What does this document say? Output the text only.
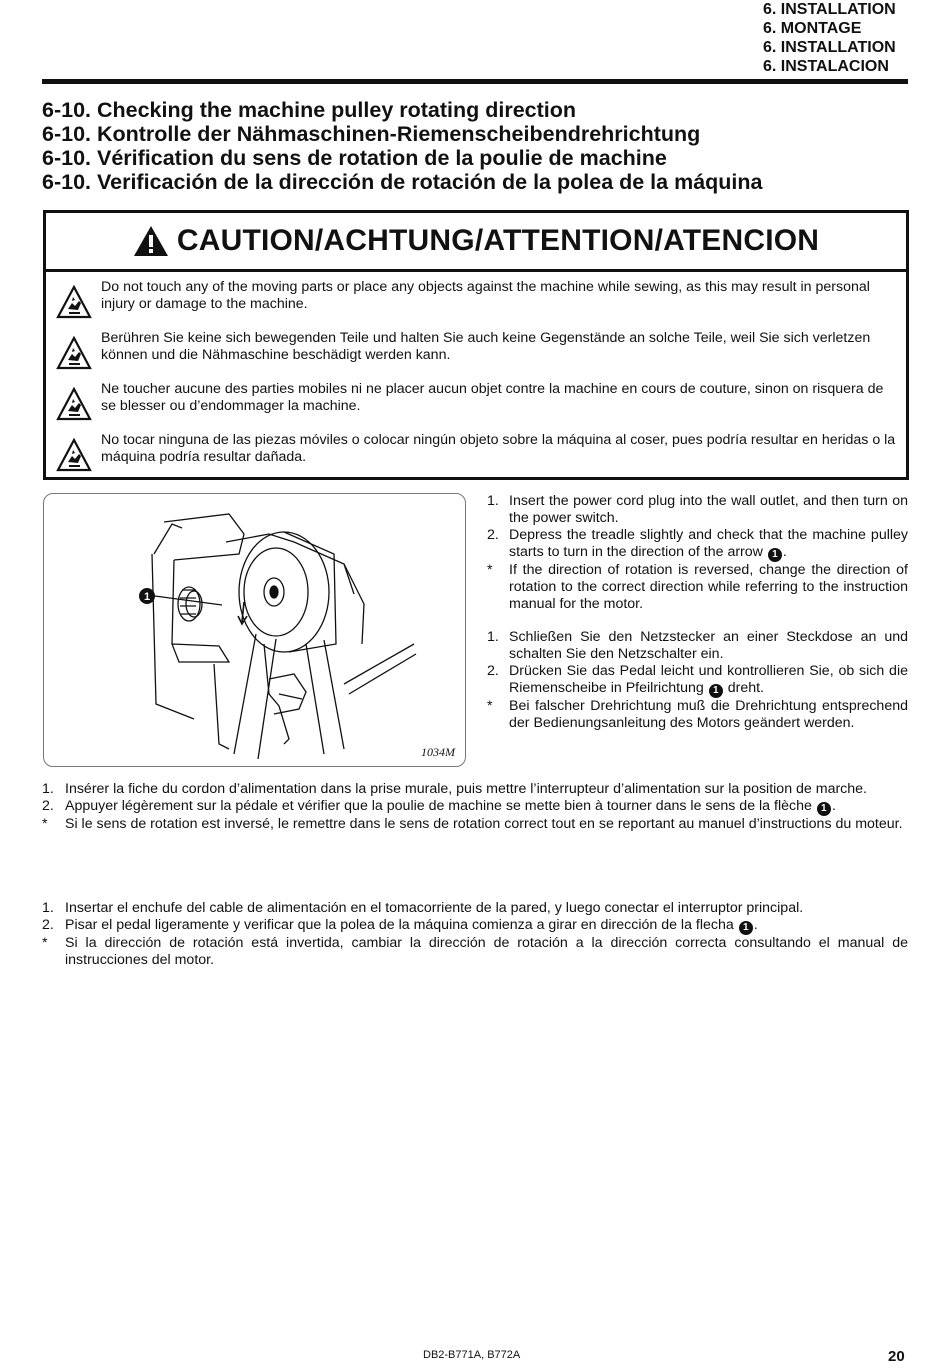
6. INSTALLATION
6. MONTAGE
6. INSTALLATION
6. INSTALACION
6-10. Checking the machine pulley rotating direction
6-10. Kontrolle der Nähmaschinen-Riemenscheibendrehrichtung
6-10. Vérification du sens de rotation de la poulie de machine
6-10. Verificación de la dirección de rotación de la polea de la máquina
CAUTION/ACHTUNG/ATTENTION/ATENCION
Do not touch any of the moving parts or place any objects against the machine while sewing, as this may result in personal injury or damage to the machine.
Berühren Sie keine sich bewegenden Teile und halten Sie auch keine Gegenstände an solche Teile, weil Sie sich verletzen können und die Nähmaschine beschädigt werden kann.
Ne toucher aucune des parties mobiles ni ne placer aucun objet contre la machine en cours de couture, sinon on risquera de se blesser ou d’endommager la machine.
No tocar ninguna de las piezas móviles o colocar ningún objeto sobre la máquina al coser, pues podría resultar en heridas o la máquina podría resultar dañada.
1
1034M
1. Insert the power cord plug into the wall outlet, and then turn on the power switch.
2. Depress the treadle slightly and check that the machine pulley starts to turn in the direction of the arrow 1 .
*	If the direction of rotation is reversed, change the direction of rotation to the correct direction while referring to the instruction manual for the motor.
1. Schließen Sie den Netzstecker an einer Steckdose an und schalten Sie den Netzschalter ein.
2. Drücken Sie das Pedal leicht und kontrollieren Sie, ob sich die Riemenscheibe in Pfeilrichtung 1 dreht.
*	Bei falscher Drehrichtung muß die Drehrichtung entsprechend der Bedienungsanleitung des Motors geändert werden.
1. Insérer la fiche du cordon d’alimentation dans la prise murale, puis mettre l’interrupteur d’alimentation sur la position de marche.
2. Appuyer légèrement sur la pédale et vérifier que la poulie de machine se mette bien à tourner dans le sens de la flèche 1 .
*	Si le sens de rotation est inversé, le remettre dans le sens de rotation correct tout en se reportant au manuel d’instructions du moteur.
1. Insertar el enchufe del cable de alimentación en el tomacorriente de la pared, y luego conectar el interruptor principal.
2. Pisar el pedal ligeramente y verificar que la polea de la máquina comienza a girar en dirección de la flecha 1 .
*	Si la dirección de rotación está invertida, cambiar la dirección de rotación a la dirección correcta consultando el manual de instrucciones del motor.
DB2-B771A, B772A	20
